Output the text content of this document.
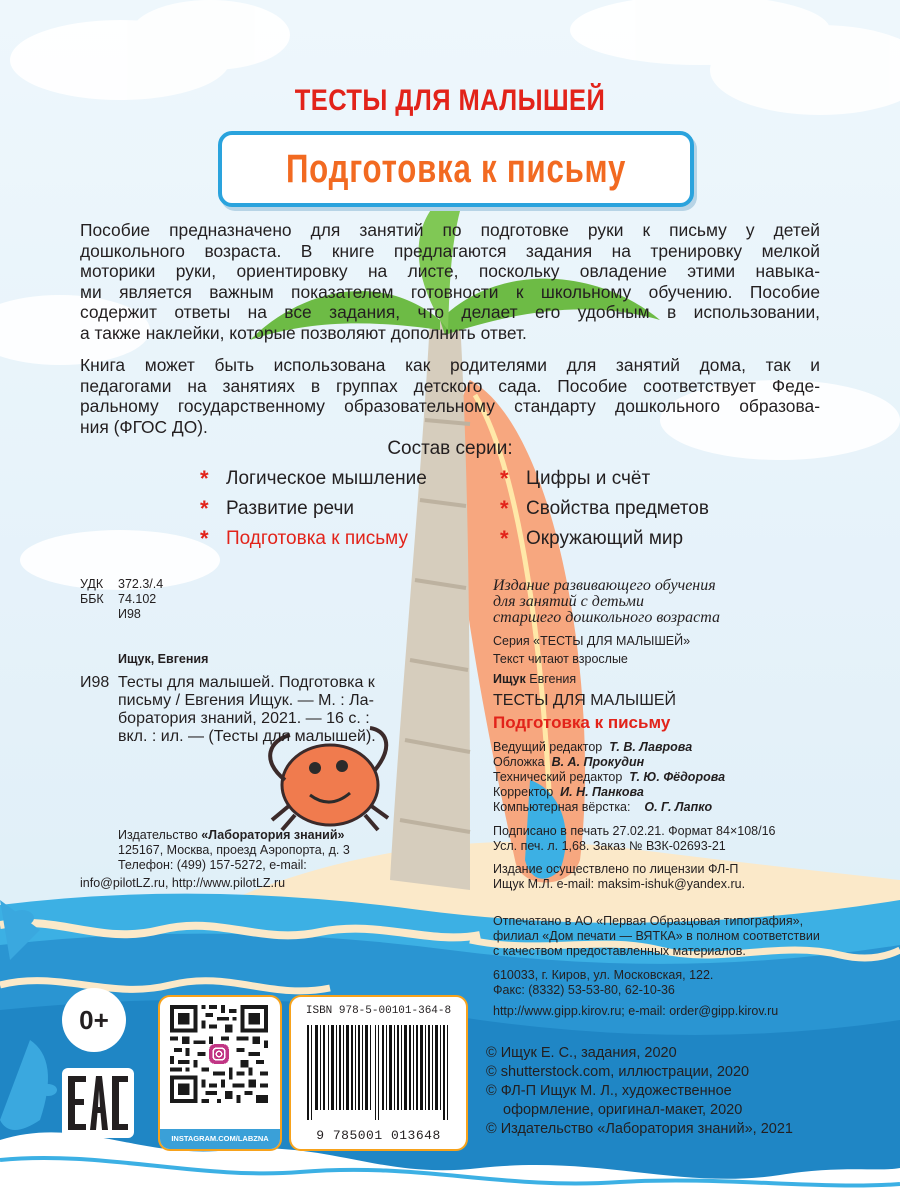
ТЕСТЫ ДЛЯ МАЛЫШЕЙ
Подготовка к письму
Пособие предназначено для занятий по подготовке руки к письму у детей
дошкольного возраста. В книге предлагаются задания на тренировку мелкой
моторики руки, ориентировку на листе, поскольку овладение этими навыка-
ми является важным показателем готовности к школьному обучению. Пособие
содержит ответы на все задания, что делает его удобным в использовании,
а также наклейки, которые позволяют дополнить ответ.
Книга может быть использована как родителями для занятий дома, так и
педагогами на занятиях в группах детского сада. Пособие соответствует Феде-
ральному государственному образовательному стандарту дошкольного образова-
ния (ФГОС ДО).
Состав серии:
* Логическое мышление
* Развитие речи
* Подготовка к письму
* Цифры и счёт
* Свойства предметов
* Окружающий мир
УДК 372.3/.4
ББК 74.102
И98
Ищук, Евгения
И98 Тесты для малышей. Подготовка к
письму / Евгения Ищук. — М. : Ла-
боратория знаний, 2021. — 16 с. :
вкл. : ил. — (Тесты для малышей).
Издательство «Лаборатория знаний»
125167, Москва, проезд Аэропорта, д. 3
Телефон: (499) 157-5272, e-mail:
info@pilotLZ.ru, http://www.pilotLZ.ru
Издание развивающего обучения
для занятий с детьми
старшего дошкольного возраста
Серия «ТЕСТЫ ДЛЯ МАЛЫШЕЙ»
Текст читают взрослые
Ищук Евгения
ТЕСТЫ ДЛЯ МАЛЫШЕЙ
Подготовка к письму
Ведущий редактор Т. В. Лаврова
Обложка В. А. Прокудин
Технический редактор Т. Ю. Фёдорова
Корректор И. Н. Панкова
Компьютерная вёрстка: О. Г. Лапко
Подписано в печать 27.02.21. Формат 84×108/16
Усл. печ. л. 1,68. Заказ № ВЗК-02693-21
Издание осуществлено по лицензии ФЛ-П
Ищук М.Л. e-mail: maksim-ishuk@yandex.ru.
Отпечатано в АО «Первая Образцовая типография»,
филиал «Дом печати — ВЯТКА» в полном соответствии
с качеством предоставленных материалов.
610033, г. Киров, ул. Московская, 122.
Факс: (8332) 53-53-80, 62-10-36
http://www.gipp.kirov.ru; e-mail: order@gipp.kirov.ru
© Ищук Е. С., задания, 2020
© shutterstock.com, иллюстрации, 2020
© ФЛ-П Ищук М. Л., художественное
оформление, оригинал-макет, 2020
© Издательство «Лаборатория знаний», 2021
0+
INSTAGRAM.COM/LABZNA
ISBN 978-5-00101-364-8
9 785001 013648
